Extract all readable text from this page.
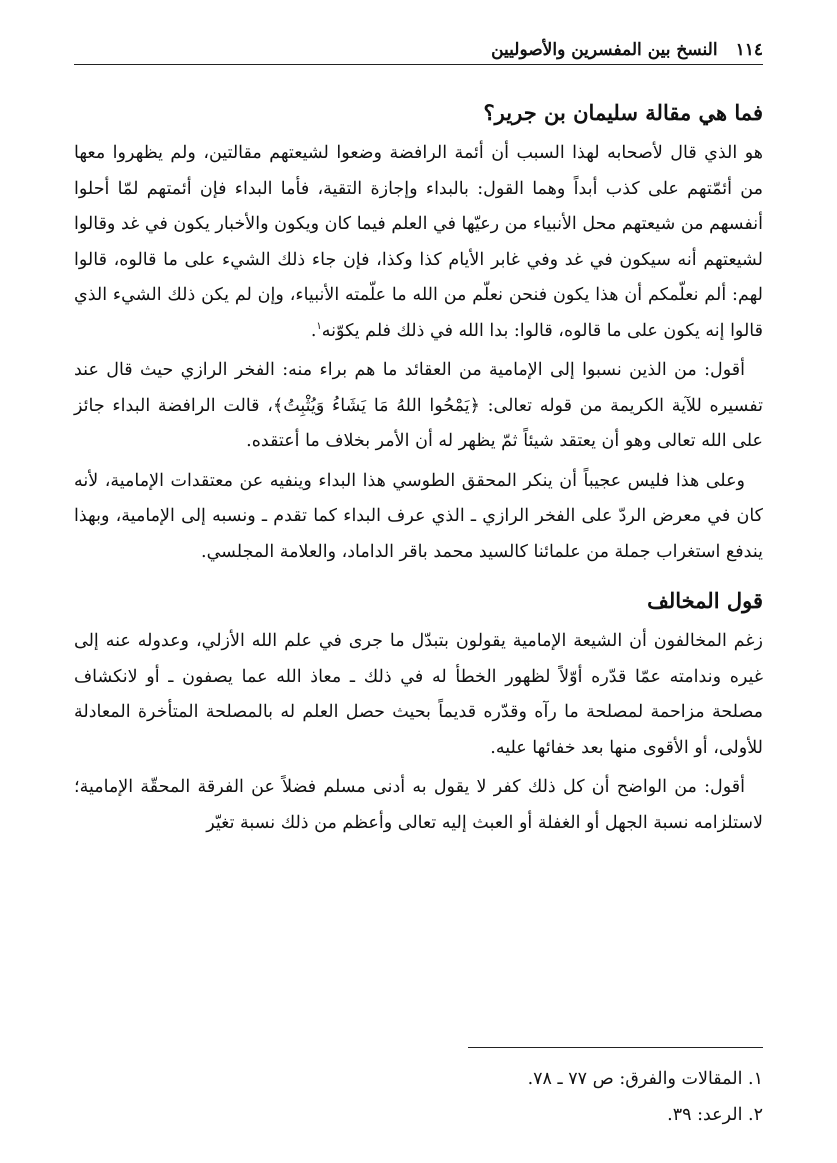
١١٤
النسخ بين المفسرين والأصوليين
فما هي مقالة سليمان بن جرير؟

هو الذي قال لأصحابه لهذا السبب أن أئمة الرافضة وضعوا لشيعتهم مقالتين، ولم يظهروا معها من أئمّتهم على كذب أبداً وهما القول: بالبداء وإجازة التقية، فأما البداء فإن أئمتهم لمّا أحلوا أنفسهم من شيعتهم محل الأنبياء من رعيّها في العلم فيما كان ويكون والأخبار يكون في غد وقالوا لشيعتهم أنه سيكون في غد وفي غابر الأيام كذا وكذا، فإن جاء ذلك الشيء على ما قالوه، قالوا لهم: ألم نعلّمكم أن هذا يكون فنحن نعلّم من الله ما علّمته الأنبياء، وإن لم يكن ذلك الشيء الذي قالوا إنه يكون على ما قالوه، قالوا: بدا الله في ذلك فلم يكوّنه$^١$.

أقول: من الذين نسبوا إلى الإمامية من العقائد ما هم براء منه: الفخر الرازي حيث قال عند تفسيره للآية الكريمة من قوله تعالى: ﴿يَمْحُوا اللهُ مَا يَشَاءُ وَيُثْبِتُ﴾، قالت الرافضة البداء جائز على الله تعالى وهو أن يعتقد شيئاً ثمّ يظهر له أن الأمر بخلاف ما أعتقده.

وعلى هذا فليس عجيباً أن ينكر المحقق الطوسي هذا البداء وينفيه عن معتقدات الإمامية، لأنه كان في معرض الردّ على الفخر الرازي ـ الذي عرف البداء كما تقدم ـ ونسبه إلى الإمامية، وبهذا يندفع استغراب جملة من علمائنا كالسيد محمد باقر الداماد، والعلامة المجلسي.

قول المخالف

زغم المخالفون أن الشيعة الإمامية يقولون بتبدّل ما جرى في علم الله الأزلي، وعدوله عنه إلى غيره وندامته عمّا قدّره أوّلاً لظهور الخطأ له في ذلك ـ معاذ الله عما يصفون ـ أو لانكشاف مصلحة مزاحمة لمصلحة ما رآه وقدّره قديماً بحيث حصل العلم له بالمصلحة المتأخرة المعادلة للأولى، أو الأقوى منها بعد خفائها عليه.

أقول: من الواضح أن كل ذلك كفر لا يقول به أدنى مسلم فضلاً عن الفرقة المحقّة الإمامية؛ لاستلزامه نسبة الجهل أو الغفلة أو العبث إليه تعالى وأعظم من ذلك نسبة تغيّر

١. المقالات والفرق: ص ٧٧ ـ ٧٨.

٢. الرعد: ٣٩.
